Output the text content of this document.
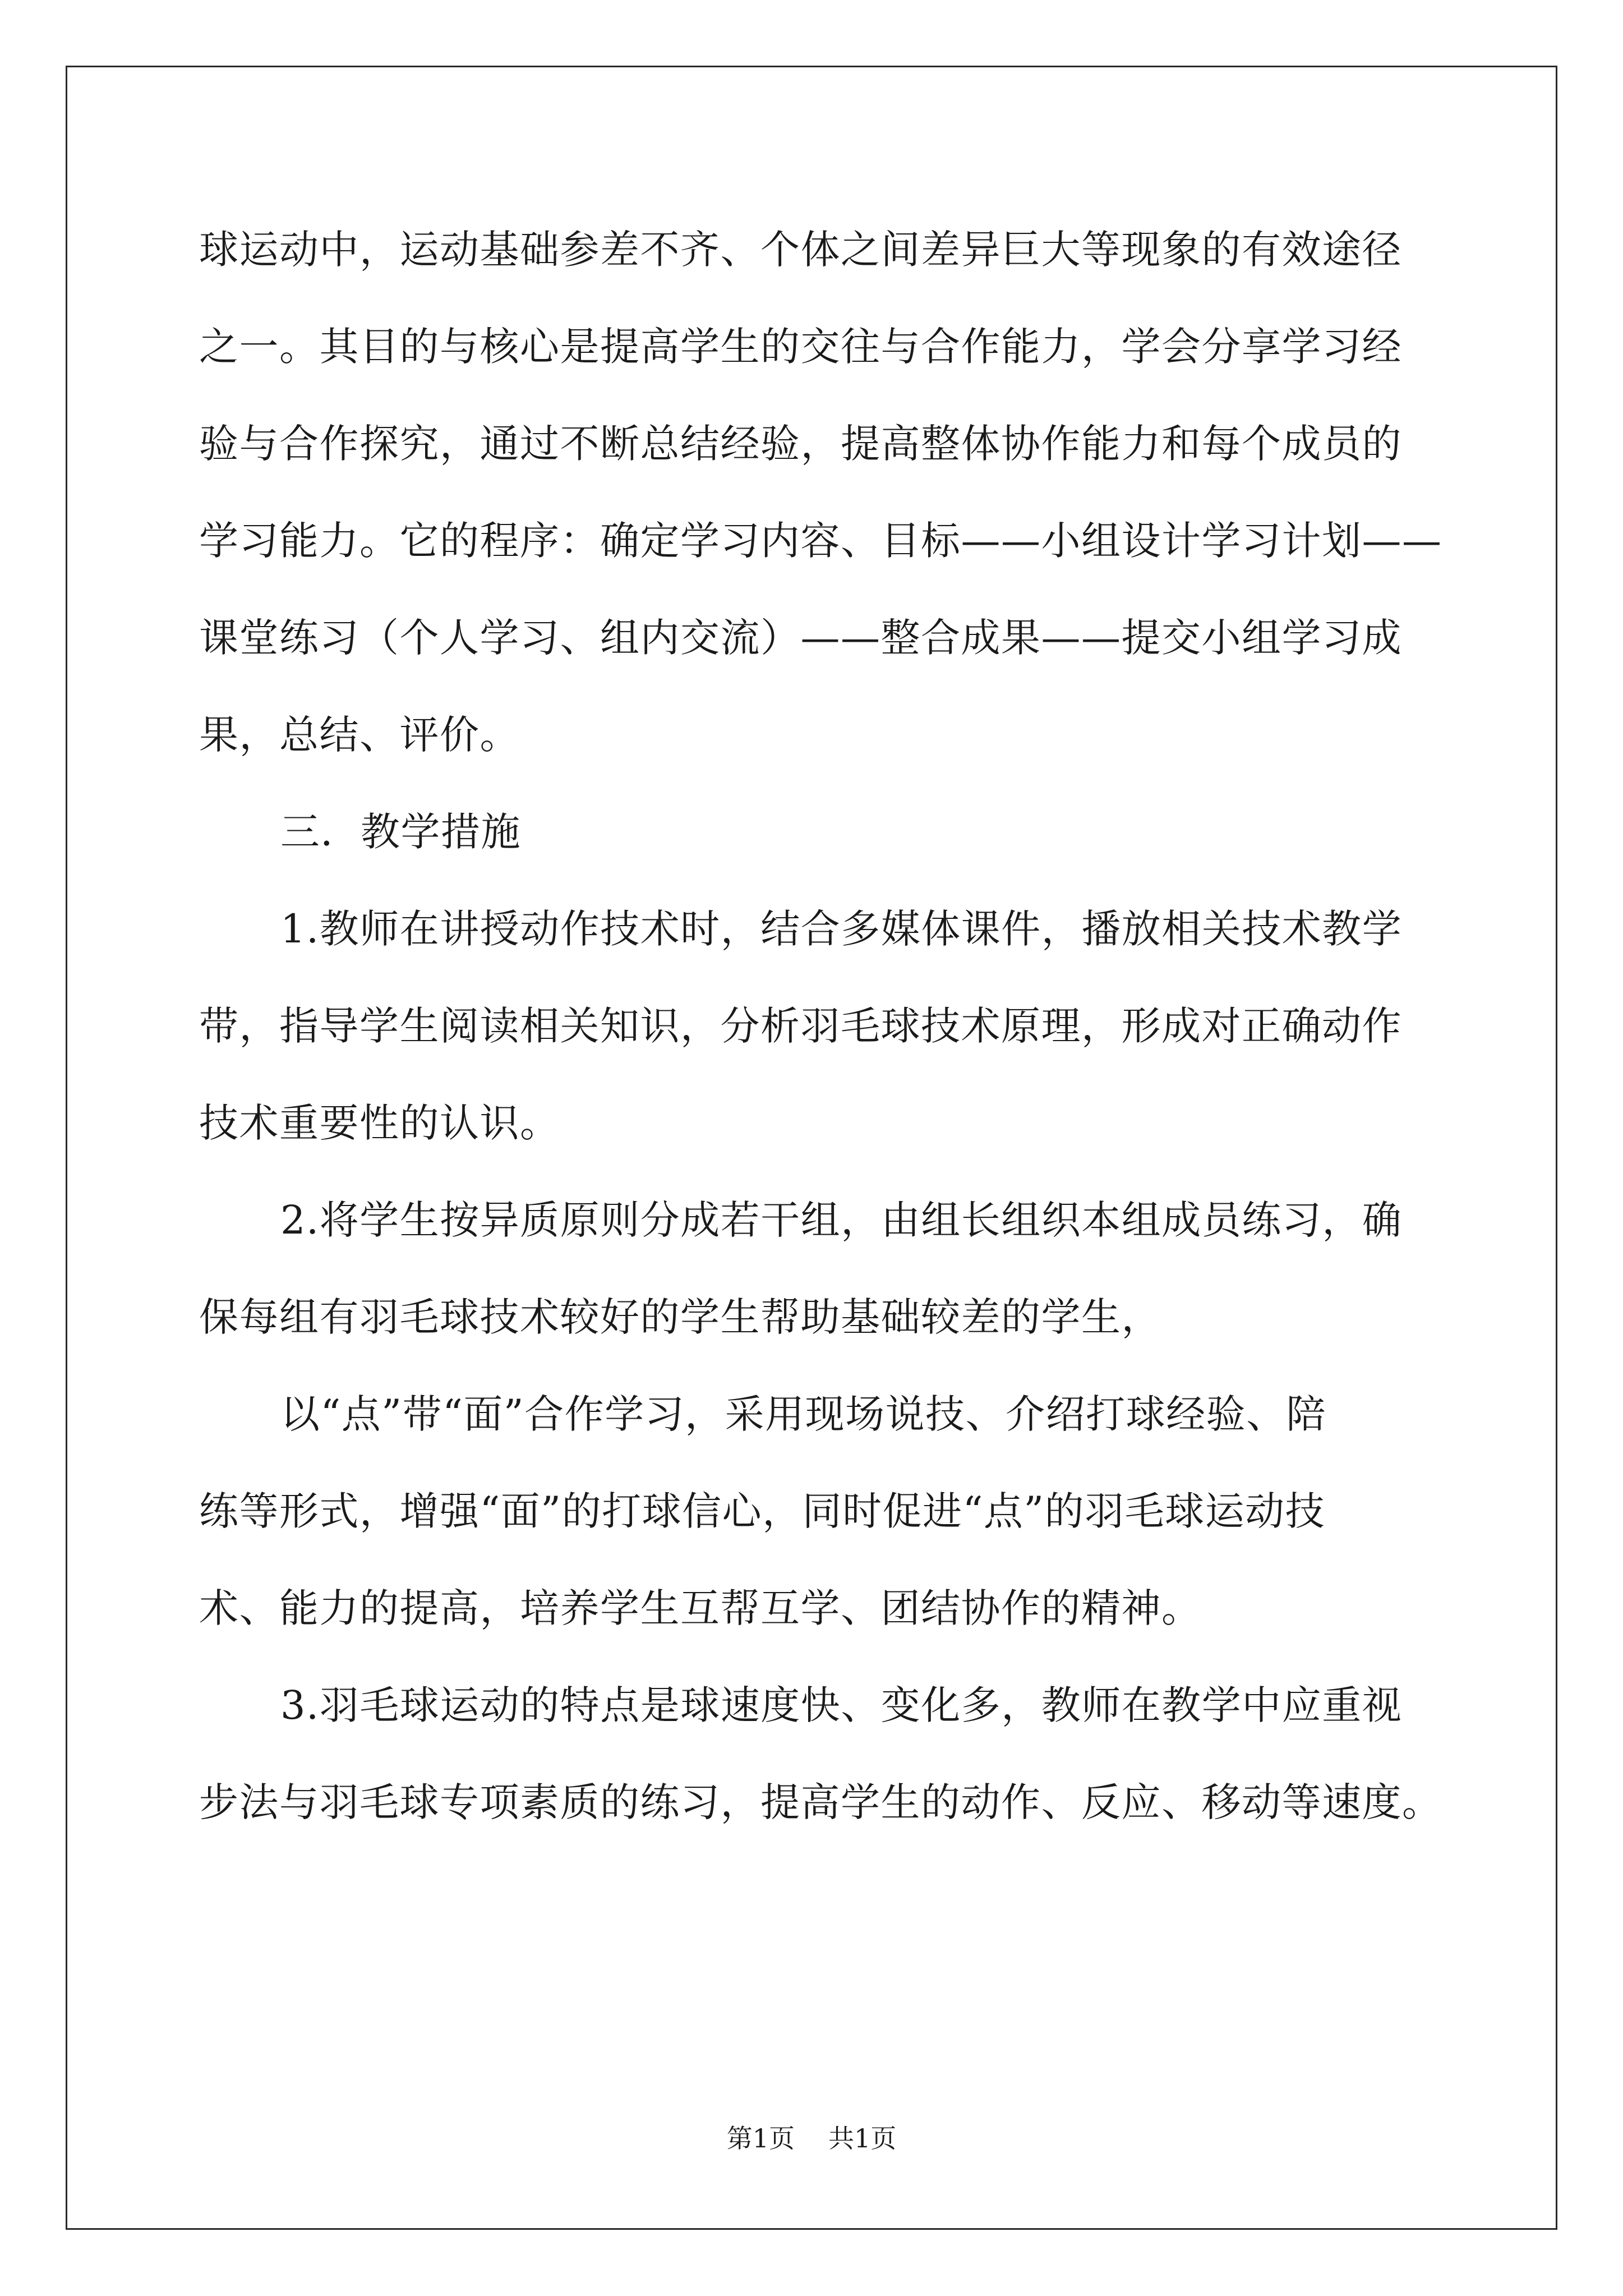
球运动中，运动基础参差不齐、个体之间差异巨大等现象的有效途径
之一。其目的与核心是提高学生的交往与合作能力，学会分享学习经
验与合作探究，通过不断总结经验，提高整体协作能力和每个成员的
学习能力。它的程序：确定学习内容、目标——小组设计学习计划——
课堂练习（个人学习、组内交流）——整合成果——提交小组学习成
果，总结、评价。
三．教学措施
1.教师在讲授动作技术时，结合多媒体课件，播放相关技术教学
带，指导学生阅读相关知识，分析羽毛球技术原理，形成对正确动作
技术重要性的认识。
2.将学生按异质原则分成若干组，由组长组织本组成员练习，确
保每组有羽毛球技术较好的学生帮助基础较差的学生，
以“点”带“面”合作学习，采用现场说技、介绍打球经验、陪
练等形式，增强“面”的打球信心，同时促进“点”的羽毛球运动技
术、能力的提高，培养学生互帮互学、团结协作的精神。
3.羽毛球运动的特点是球速度快、变化多，教师在教学中应重视
步法与羽毛球专项素质的练习，提高学生的动作、反应、移动等速度。
第1页 共1页
